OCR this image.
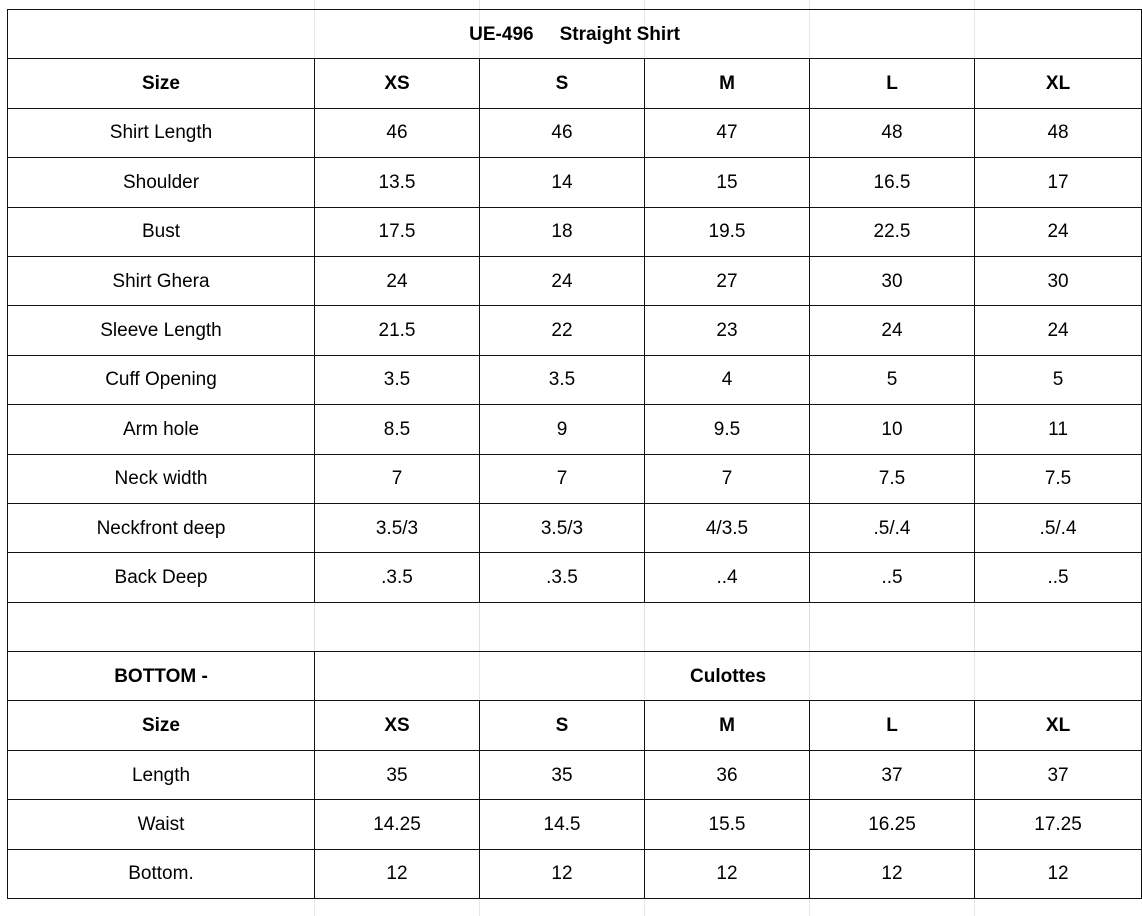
UE-496 Straight Shirt					
Size	XS	S	M	L	XL
Shirt Length	46	46	47	48	48
Shoulder	13.5	14	15	16.5	17
Bust	17.5	18	19.5	22.5	24
Shirt Ghera	24	24	27	30	30
Sleeve Length	21.5	22	23	24	24
Cuff Opening	3.5	3.5	4	5	5
Arm hole	8.5	9	9.5	10	11
Neck width	7	7	7	7.5	7.5
Neckfront deep	3.5/3	3.5/3	4/3.5	.5/.4	.5/.4
Back Deep	.3.5	.3.5	..4	..5	..5

BOTTOM -	Culottes				
Size	XS	S	M	L	XL
Length	35	35	36	37	37
Waist	14.25	14.5	15.5	16.25	17.25
Bottom.	12	12	12	12	12
